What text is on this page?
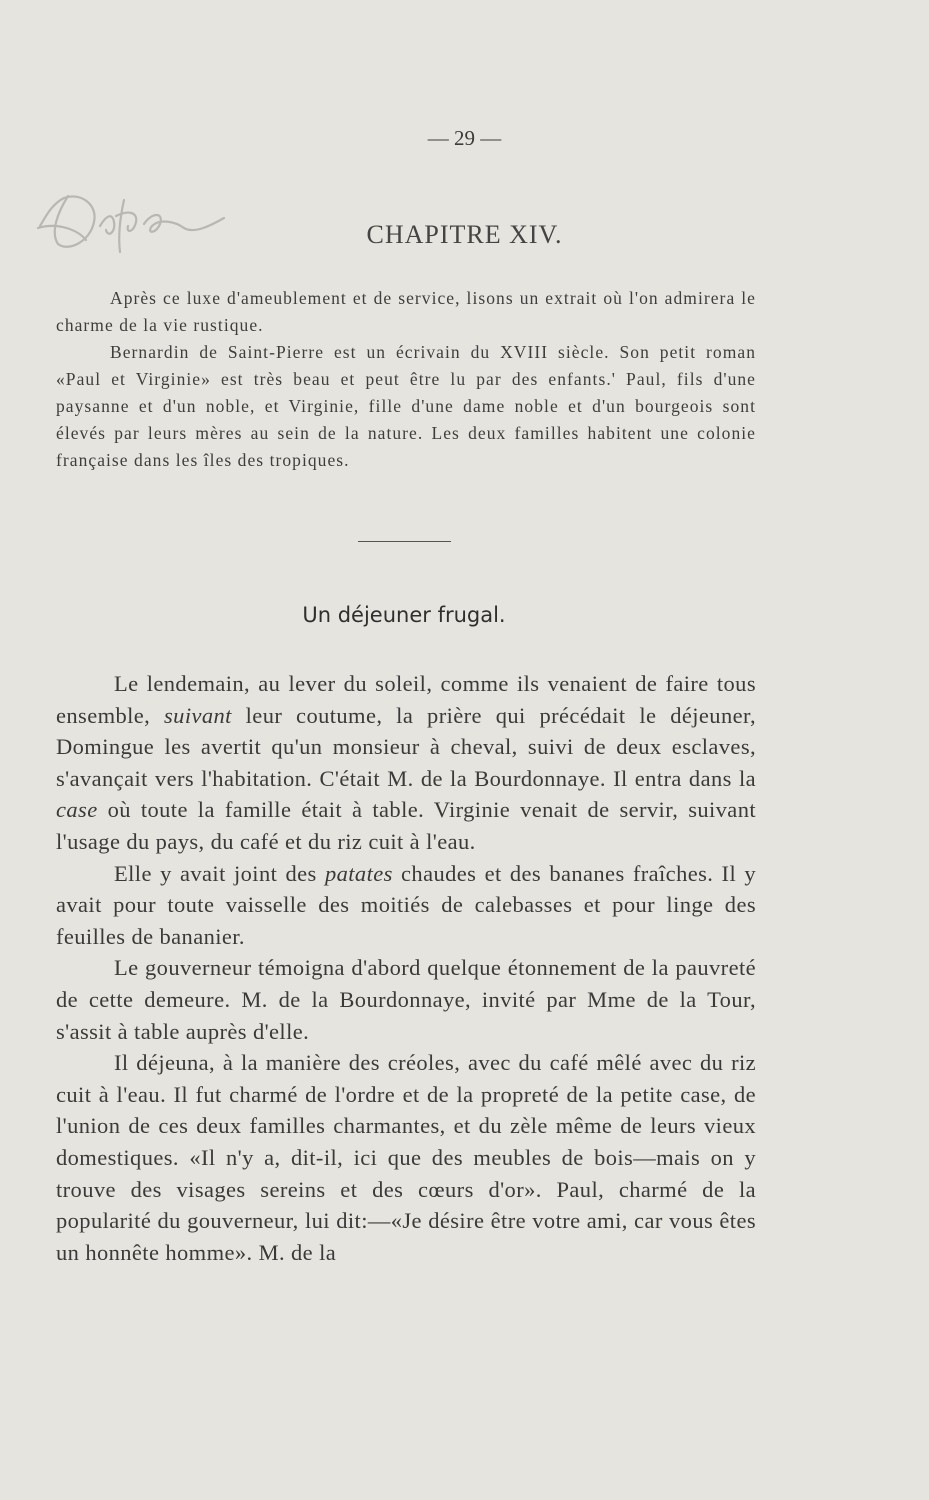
— 29 —
CHAPITRE XIV.

Après ce luxe d'ameublement et de service, lisons un extrait où l'on admirera le charme de la vie rustique.

Bernardin de Saint-Pierre est un écrivain du XVIII siècle. Son petit roman «Paul et Virginie» est très beau et peut être lu par des enfants.' Paul, fils d'une paysanne et d'un noble, et Virginie, fille d'une dame noble et d'un bourgeois sont élevés par leurs mères au sein de la nature. Les deux familles habitent une colonie française dans les îles des tropiques.

Un déjeuner frugal.

Le lendemain, au lever du soleil, comme ils venaient de faire tous ensemble, suivant leur coutume, la prière qui précédait le déjeuner, Domingue les avertit qu'un monsieur à cheval, suivi de deux esclaves, s'avançait vers l'habitation. C'était M. de la Bourdonnaye. Il entra dans la case où toute la famille était à table. Virginie venait de servir, suivant l'usage du pays, du café et du riz cuit à l'eau.

Elle y avait joint des patates chaudes et des bananes fraîches. Il y avait pour toute vaisselle des moitiés de calebasses et pour linge des feuilles de bananier.

Le gouverneur témoigna d'abord quelque étonnement de la pauvreté de cette demeure. M. de la Bourdonnaye, invité par Mme de la Tour, s'assit à table auprès d'elle.

Il déjeuna, à la manière des créoles, avec du café mêlé avec du riz cuit à l'eau. Il fut charmé de l'ordre et de la propreté de la petite case, de l'union de ces deux familles charmantes, et du zèle même de leurs vieux domestiques. «Il n'y a, dit-il, ici que des meubles de bois—mais on y trouve des visages sereins et des cœurs d'or». Paul, charmé de la popularité du gouverneur, lui dit:—«Je désire être votre ami, car vous êtes un honnête homme». M. de la
